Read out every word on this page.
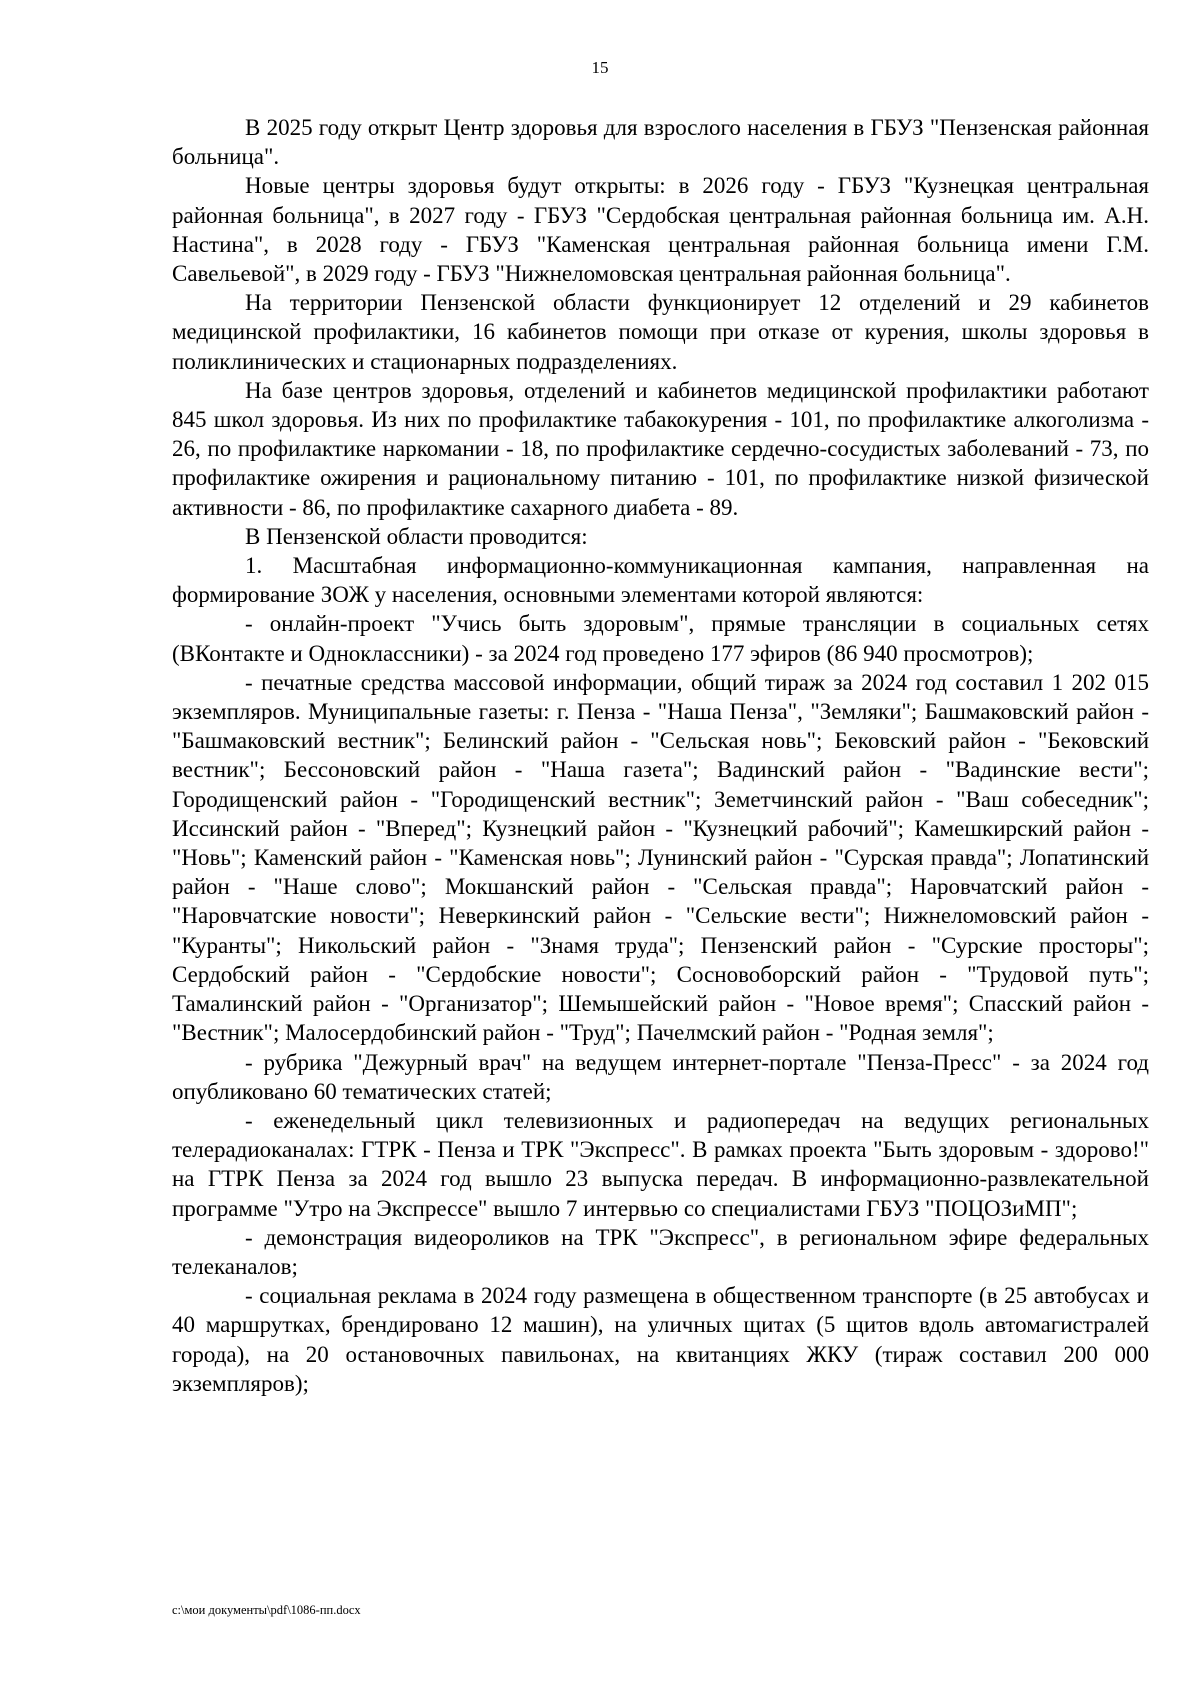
15

В 2025 году открыт Центр здоровья для взрослого населения в ГБУЗ "Пензенская районная больница".

Новые центры здоровья будут открыты: в 2026 году - ГБУЗ "Кузнецкая центральная районная больница", в 2027 году - ГБУЗ "Сердобская центральная районная больница им. А.Н. Настина", в 2028 году - ГБУЗ "Каменская центральная районная больница имени Г.М. Савельевой", в 2029 году - ГБУЗ "Нижнеломовская центральная районная больница".

На территории Пензенской области функционирует 12 отделений и 29 кабинетов медицинской профилактики, 16 кабинетов помощи при отказе от курения, школы здоровья в поликлинических и стационарных подразделениях.

На базе центров здоровья, отделений и кабинетов медицинской профилактики работают 845 школ здоровья. Из них по профилактике табакокурения - 101, по профилактике алкоголизма - 26, по профилактике наркомании - 18, по профилактике сердечно-сосудистых заболеваний - 73, по профилактике ожирения и рациональному питанию - 101, по профилактике низкой физической активности - 86, по профилактике сахарного диабета - 89.

В Пензенской области проводится:

1. Масштабная информационно-коммуникационная кампания, направленная на формирование ЗОЖ у населения, основными элементами которой являются:

- онлайн-проект "Учись быть здоровым", прямые трансляции в социальных сетях (ВКонтакте и Одноклассники) - за 2024 год проведено 177 эфиров (86 940 просмотров);

- печатные средства массовой информации, общий тираж за 2024 год составил 1 202 015 экземпляров. Муниципальные газеты: г. Пенза - "Наша Пенза", "Земляки"; Башмаковский район - "Башмаковский вестник"; Белинский район - "Сельская новь"; Бековский район - "Бековский вестник"; Бессоновский район - "Наша газета"; Вадинский район - "Вадинские вести"; Городищенский район - "Городищенский вестник"; Земетчинский район - "Ваш собеседник"; Иссинский район - "Вперед"; Кузнецкий район - "Кузнецкий рабочий"; Камешкирский район - "Новь"; Каменский район - "Каменская новь"; Лунинский район - "Сурская правда"; Лопатинский район - "Наше слово"; Мокшанский район - "Сельская правда"; Наровчатский район - "Наровчатские новости"; Неверкинский район - "Сельские вести"; Нижнеломовский район - "Куранты"; Никольский район - "Знамя труда"; Пензенский район - "Сурские просторы"; Сердобский район - "Сердобские новости"; Сосновоборский район - "Трудовой путь"; Тамалинский район - "Организатор"; Шемышейский район - "Новое время"; Спасский район - "Вестник"; Малосердобинский район - "Труд"; Пачелмский район - "Родная земля";

- рубрика "Дежурный врач" на ведущем интернет-портале "Пенза-Пресс" - за 2024 год опубликовано 60 тематических статей;

- еженедельный цикл телевизионных и радиопередач на ведущих региональных телерадиоканалах: ГТРК - Пенза и ТРК "Экспресс". В рамках проекта "Быть здоровым - здорово!" на ГТРК Пенза за 2024 год вышло 23 выпуска передач. В информационно-развлекательной программе "Утро на Экспрессе" вышло 7 интервью со специалистами ГБУЗ "ПОЦОЗиМП";

- демонстрация видеороликов на ТРК "Экспресс", в региональном эфире федеральных телеканалов;

- социальная реклама в 2024 году размещена в общественном транспорте (в 25 автобусах и 40 маршрутках, брендировано 12 машин), на уличных щитах (5 щитов вдоль автомагистралей города), на 20 остановочных павильонах, на квитанциях ЖКУ (тираж составил 200 000 экземпляров);

c:\мои документы\pdf\1086-пп.docx
